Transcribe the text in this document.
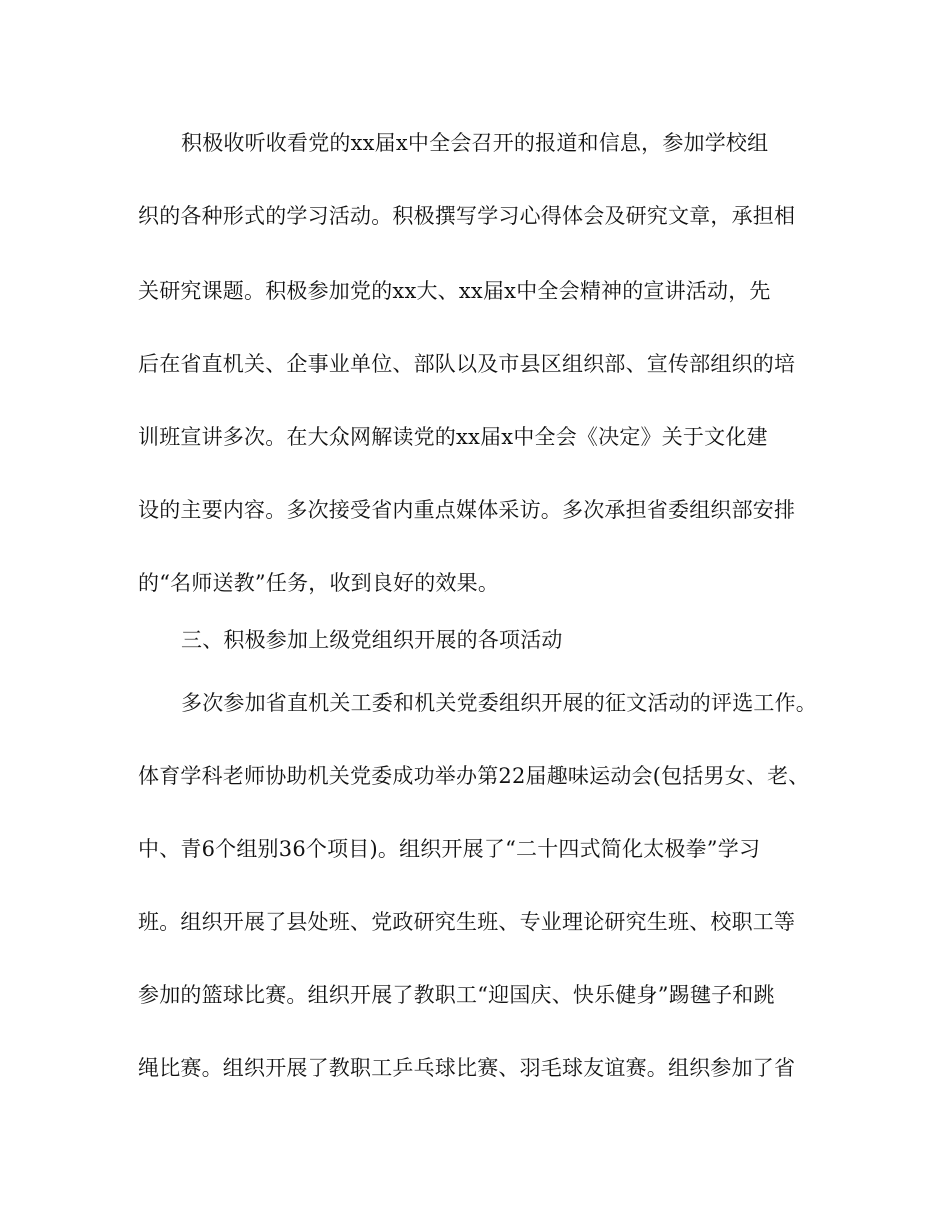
积极收听收看党的xx届x中全会召开的报道和信息，参加学校组
织的各种形式的学习活动。积极撰写学习心得体会及研究文章，承担相
关研究课题。积极参加党的xx大、xx届x中全会精神的宣讲活动，先
后在省直机关、企事业单位、部队以及市县区组织部、宣传部组织的培
训班宣讲多次。在大众网解读党的xx届x中全会《决定》关于文化建
设的主要内容。多次接受省内重点媒体采访。多次承担省委组织部安排
的“名师送教”任务，收到良好的效果。
三、积极参加上级党组织开展的各项活动
多次参加省直机关工委和机关党委组织开展的征文活动的评选工作。
体育学科老师协助机关党委成功举办第22届趣味运动会(包括男女、老、
中、青6个组别36个项目)。组织开展了“二十四式简化太极拳”学习
班。组织开展了县处班、党政研究生班、专业理论研究生班、校职工等
参加的篮球比赛。组织开展了教职工“迎国庆、快乐健身”踢毽子和跳
绳比赛。组织开展了教职工乒乓球比赛、羽毛球友谊赛。组织参加了省
